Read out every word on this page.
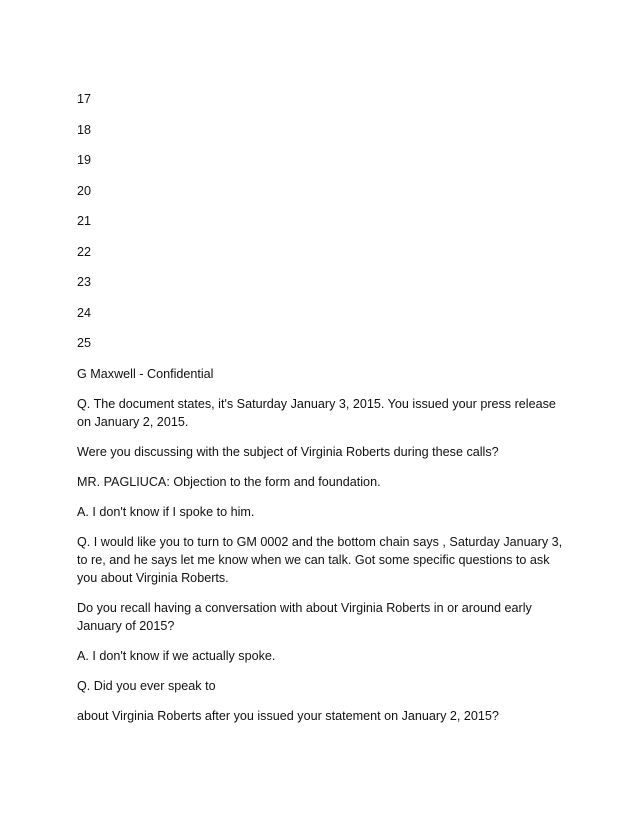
17
18
19
20
21
22
23
24
25
G Maxwell - Confidential
Q. The document states, it's Saturday January 3, 2015. You issued your press release on January 2, 2015.
Were you discussing with the subject of Virginia Roberts during these calls?
MR. PAGLIUCA: Objection to the form and foundation.
A. I don't know if I spoke to him.
Q. I would like you to turn to GM 0002 and the bottom chain says , Saturday January 3, to re, and he says let me know when we can talk. Got some specific questions to ask you about Virginia Roberts.
Do you recall having a conversation with about Virginia Roberts in or around early January of 2015?
A. I don't know if we actually spoke.
Q. Did you ever speak to
about Virginia Roberts after you issued your statement on January 2, 2015?
